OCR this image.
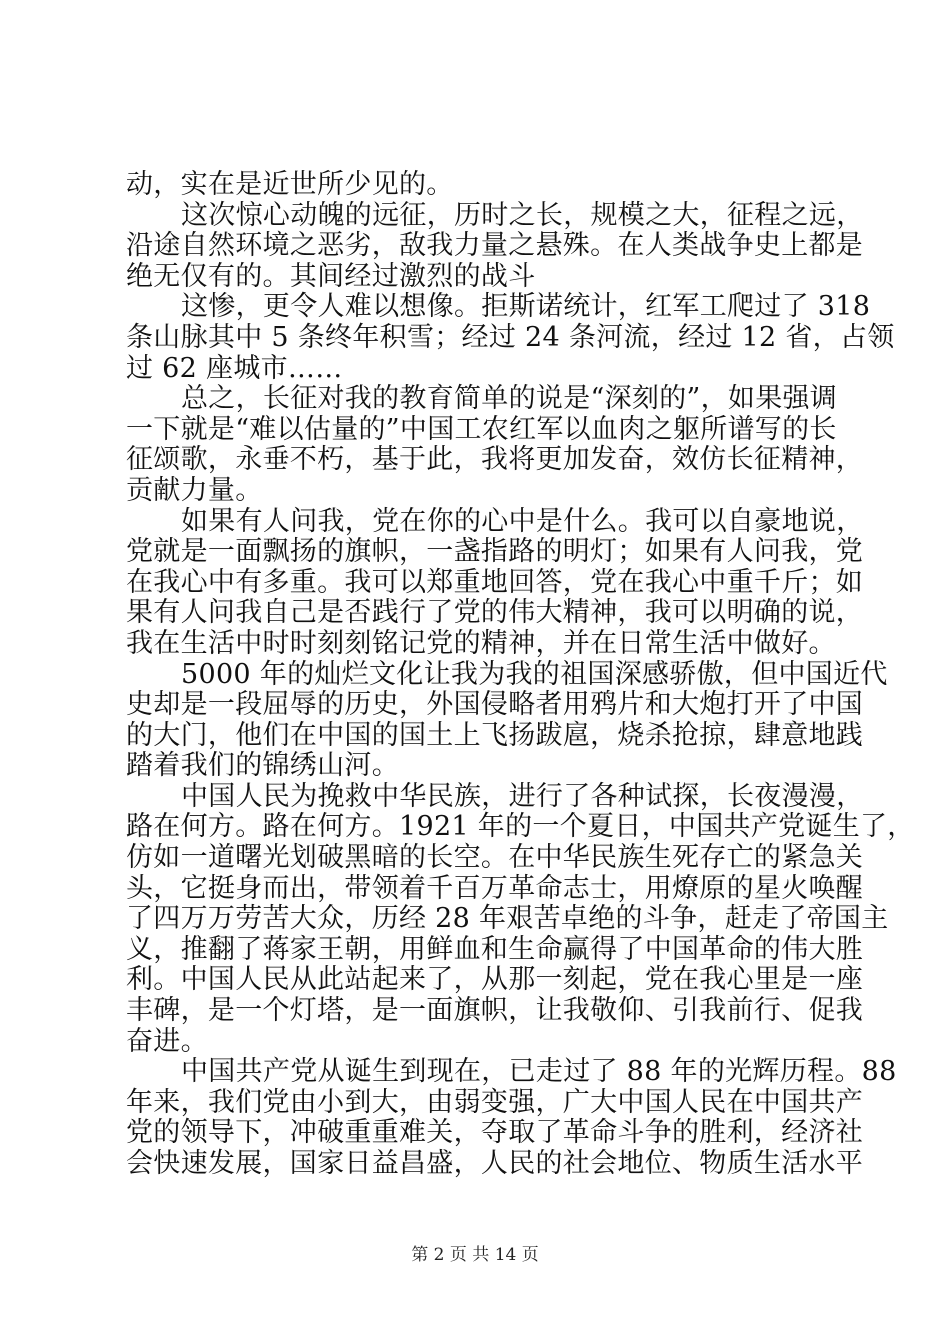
动，实在是近世所少见的。
这次惊心动魄的远征，历时之长，规模之大，征程之远，
沿途自然环境之恶劣，敌我力量之悬殊。在人类战争史上都是
绝无仅有的。其间经过激烈的战斗
这惨，更令人难以想像。拒斯诺统计，红军工爬过了 318
条山脉其中 5 条终年积雪；经过 24 条河流，经过 12 省，占领
过 62 座城市……
总之，长征对我的教育简单的说是“深刻的”，如果强调
一下就是“难以估量的”中国工农红军以血肉之躯所谱写的长
征颂歌，永垂不朽，基于此，我将更加发奋，效仿长征精神，
贡献力量。
如果有人问我，党在你的心中是什么。我可以自豪地说，
党就是一面飘扬的旗帜，一盏指路的明灯；如果有人问我，党
在我心中有多重。我可以郑重地回答，党在我心中重千斤；如
果有人问我自己是否践行了党的伟大精神，我可以明确的说，
我在生活中时时刻刻铭记党的精神，并在日常生活中做好。
5000 年的灿烂文化让我为我的祖国深感骄傲，但中国近代
史却是一段屈辱的历史，外国侵略者用鸦片和大炮打开了中国
的大门，他们在中国的国土上飞扬跋扈，烧杀抢掠，肆意地践
踏着我们的锦绣山河。
中国人民为挽救中华民族，进行了各种试探，长夜漫漫，
路在何方。路在何方。1921 年的一个夏日，中国共产党诞生了，
仿如一道曙光划破黑暗的长空。在中华民族生死存亡的紧急关
头，它挺身而出，带领着千百万革命志士，用燎原的星火唤醒
了四万万劳苦大众，历经 28 年艰苦卓绝的斗争，赶走了帝国主
义，推翻了蒋家王朝，用鲜血和生命赢得了中国革命的伟大胜
利。中国人民从此站起来了，从那一刻起，党在我心里是一座
丰碑，是一个灯塔，是一面旗帜，让我敬仰、引我前行、促我
奋进。
中国共产党从诞生到现在，已走过了 88 年的光辉历程。88
年来，我们党由小到大，由弱变强，广大中国人民在中国共产
党的领导下，冲破重重难关，夺取了革命斗争的胜利，经济社
会快速发展，国家日益昌盛，人民的社会地位、物质生活水平
第 2 页 共 14 页
